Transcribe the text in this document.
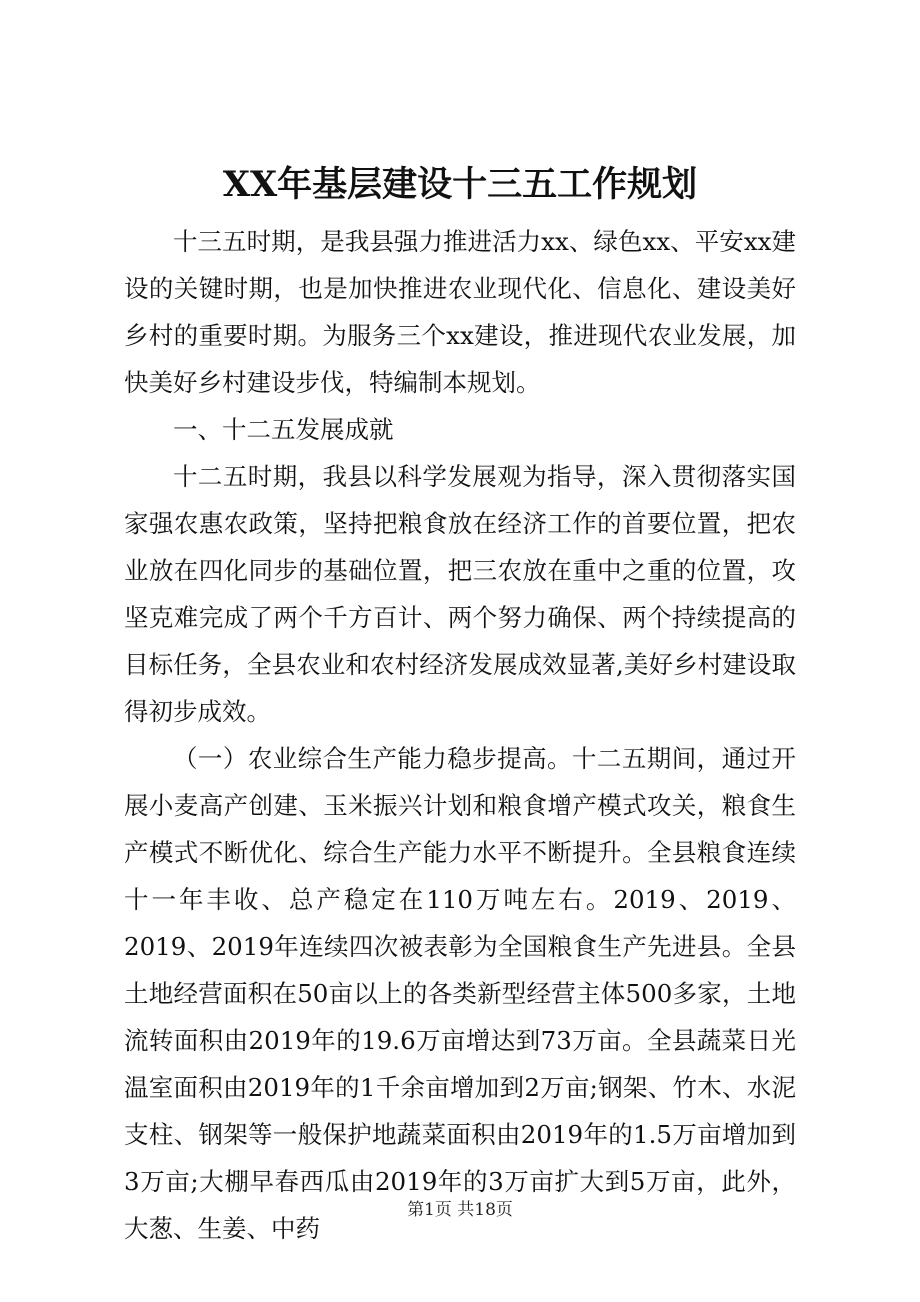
XX年基层建设十三五工作规划

十三五时期，是我县强力推进活力xx、绿色xx、平安xx建设的关键时期，也是加快推进农业现代化、信息化、建设美好乡村的重要时期。为服务三个xx建设，推进现代农业发展，加快美好乡村建设步伐，特编制本规划。

一、十二五发展成就

十二五时期，我县以科学发展观为指导，深入贯彻落实国家强农惠农政策，坚持把粮食放在经济工作的首要位置，把农业放在四化同步的基础位置，把三农放在重中之重的位置，攻坚克难完成了两个千方百计、两个努力确保、两个持续提高的目标任务，全县农业和农村经济发展成效显著,美好乡村建设取得初步成效。

（一）农业综合生产能力稳步提高。十二五期间，通过开展小麦高产创建、玉米振兴计划和粮食增产模式攻关，粮食生产模式不断优化、综合生产能力水平不断提升。全县粮食连续十一年丰收、总产稳定在110万吨左右。2019、2019、2019、2019年连续四次被表彰为全国粮食生产先进县。全县土地经营面积在50亩以上的各类新型经营主体500多家，土地流转面积由2019年的19.6万亩增达到73万亩。全县蔬菜日光温室面积由2019年的1千余亩增加到2万亩;钢架、竹木、水泥支柱、钢架等一般保护地蔬菜面积由2019年的1.5万亩增加到3万亩;大棚早春西瓜由2019年的3万亩扩大到5万亩，此外，大葱、生姜、中药

第1页 共18页
